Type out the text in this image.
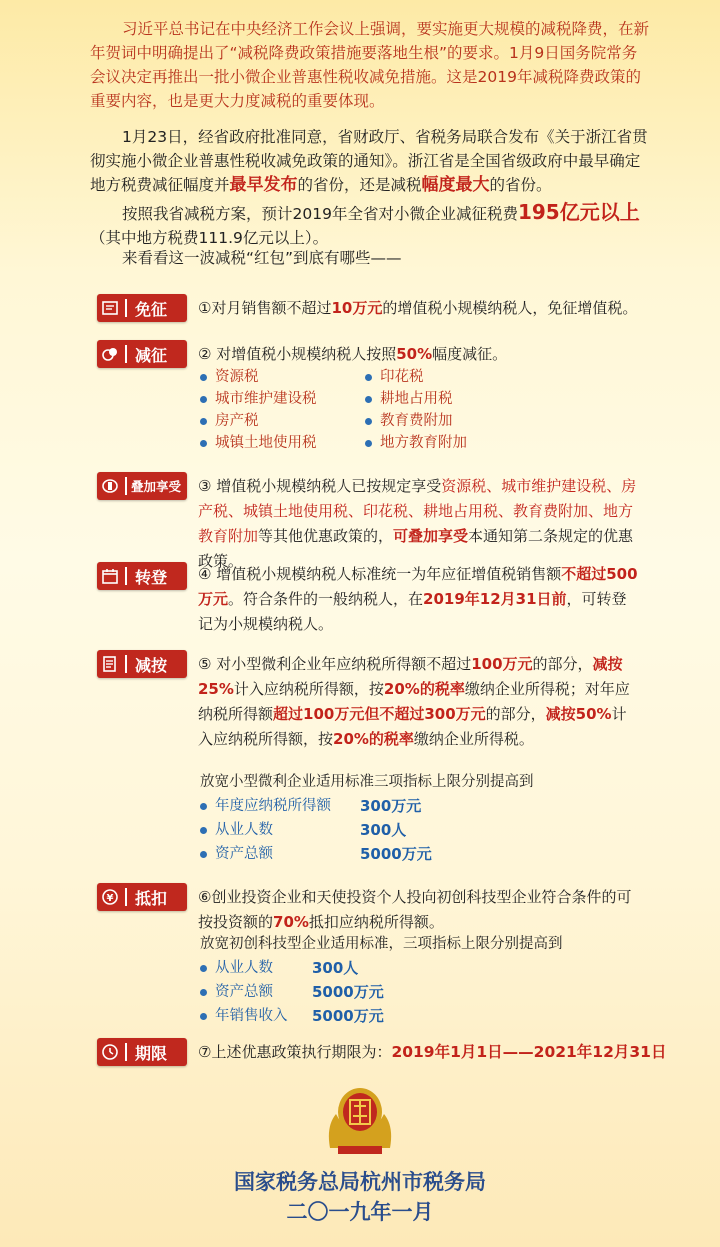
习近平总书记在中央经济工作会议上强调，要实施更大规模的减税降费，在新年贺词中明确提出了“减税降费政策措施要落地生根”的要求。1月9日国务院常务会议决定再推出一批小微企业普惠性税收减免措施。这是2019年减税降费政策的重要内容，也是更大力度减税的重要体现。
1月23日，经省政府批准同意，省财政厅、省税务局联合发布《关于浙江省贯彻实施小微企业普惠性税收减免政策的通知》。浙江省是全国省级政府中最早确定地方税费减征幅度并最早发布的省份，还是减税幅度最大的省份。
按照我省减税方案，预计2019年全省对小微企业减征税费195亿元以上（其中地方税费111.9亿元以上）。
来看看这一波减税“红包”到底有哪些——
免征 ①对月销售额不超过10万元的增值税小规模纳税人，免征增值税。
减征 ② 对增值税小规模纳税人按照50%幅度减征。
资源税	印花税
城市维护建设税	耕地占用税
房产税	教育费附加
城镇土地使用税	地方教育附加
叠加享受 ③ 增值税小规模纳税人已按规定享受资源税、城市维护建设税、房产税、城镇土地使用税、印花税、耕地占用税、教育费附加、地方教育附加等其他优惠政策的，可叠加享受本通知第二条规定的优惠政策。
转登 ④ 增值税小规模纳税人标准统一为年应征增值税销售额不超过500万元。符合条件的一般纳税人，在2019年12月31日前，可转登记为小规模纳税人。
减按 ⑤ 对小型微利企业年应纳税所得额不超过100万元的部分，减按25%计入应纳税所得额，按20%的税率缴纳企业所得税；对年应纳税所得额超过100万元但不超过300万元的部分，减按50%计入应纳税所得额，按20%的税率缴纳企业所得税。
放宽小型微利企业适用标准三项指标上限分别提高到
年度应纳税所得额 300万元
从业人数	300人
资产总额	5000万元
¥ 抵扣 ⑥创业投资企业和天使投资个人投向初创科技型企业符合条件的可按投资额的70%抵扣应纳税所得额。
放宽初创科技型企业适用标准，三项指标上限分别提高到
从业人数	300人
资产总额	5000万元
年销售收入 5000万元
期限 ⑦上述优惠政策执行期限为：2019年1月1日——2021年12月31日
国家税务总局杭州市税务局
二〇一九年一月
